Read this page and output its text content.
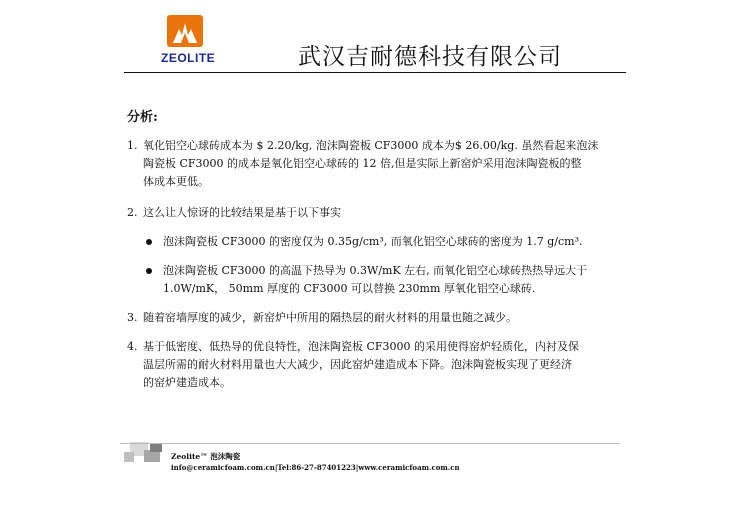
ZEOLITE	武汉吉耐德科技有限公司
分析:
1. 氧化铝空心球砖成本为 $ 2.20/kg, 泡沫陶瓷板 CF3000 成本为$ 26.00/kg. 虽然看起来泡沫
陶瓷板 CF3000 的成本是氧化铝空心球砖的 12 倍,但是实际上新窑炉采用泡沫陶瓷板的整
体成本更低。
2. 这么让人惊讶的比较结果是基于以下事实
泡沫陶瓷板 CF3000 的密度仅为 0.35g/cm³, 而氧化铝空心球砖的密度为 1.7 g/cm³.
泡沫陶瓷板 CF3000 的高温下热导为 0.3W/mK 左右, 而氧化铝空心球砖热热导远大于
1.0W/mK， 50mm 厚度的 CF3000 可以替换 230mm 厚氧化铝空心球砖.
3. 随着窑墙厚度的减少，新窑炉中所用的隔热层的耐火材料的用量也随之减少。
4. 基于低密度、低热导的优良特性，泡沫陶瓷板 CF3000 的采用使得窑炉轻质化，内衬及保
温层所需的耐火材料用量也大大减少，因此窑炉建造成本下降。泡沫陶瓷板实现了更经济
的窑炉建造成本。
Zeolite™ 泡沫陶瓷
info@ceramicfoam.com.cn|Tel:86-27-87401223|www.ceramicfoam.com.cn
